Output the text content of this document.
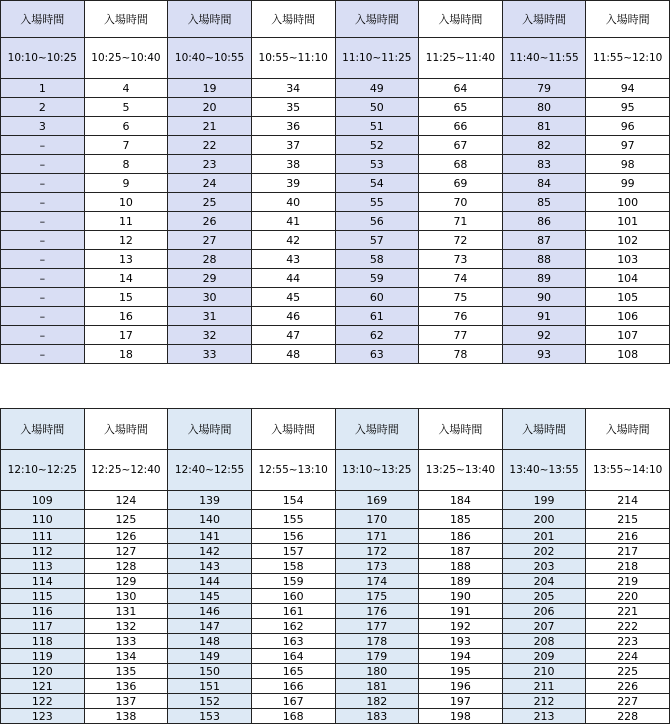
入場時間	入場時間	入場時間	入場時間	入場時間	入場時間	入場時間	入場時間
10:10~10:25	10:25~10:40	10:40~10:55	10:55~11:10	11:10~11:25	11:25~11:40	11:40~11:55	11:55~12:10
1	4	19	34	49	64	79	94
2	5	20	35	50	65	80	95
3	6	21	36	51	66	81	96
–	7	22	37	52	67	82	97
–	8	23	38	53	68	83	98
–	9	24	39	54	69	84	99
–	10	25	40	55	70	85	100
–	11	26	41	56	71	86	101
–	12	27	42	57	72	87	102
–	13	28	43	58	73	88	103
–	14	29	44	59	74	89	104
–	15	30	45	60	75	90	105
–	16	31	46	61	76	91	106
–	17	32	47	62	77	92	107
–	18	33	48	63	78	93	108
入場時間	入場時間	入場時間	入場時間	入場時間	入場時間	入場時間	入場時間
12:10~12:25	12:25~12:40	12:40~12:55	12:55~13:10	13:10~13:25	13:25~13:40	13:40~13:55	13:55~14:10
109	124	139	154	169	184	199	214
110	125	140	155	170	185	200	215
111	126	141	156	171	186	201	216
112	127	142	157	172	187	202	217
113	128	143	158	173	188	203	218
114	129	144	159	174	189	204	219
115	130	145	160	175	190	205	220
116	131	146	161	176	191	206	221
117	132	147	162	177	192	207	222
118	133	148	163	178	193	208	223
119	134	149	164	179	194	209	224
120	135	150	165	180	195	210	225
121	136	151	166	181	196	211	226
122	137	152	167	182	197	212	227
123	138	153	168	183	198	213	228
